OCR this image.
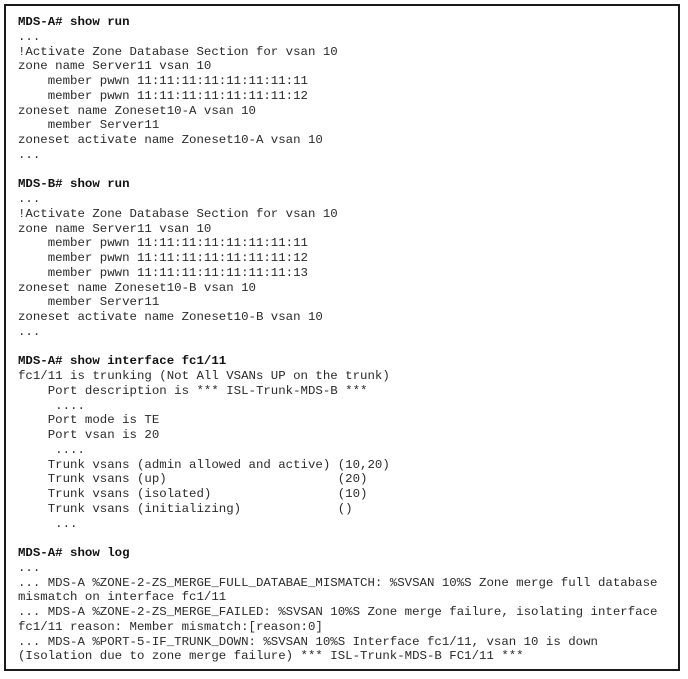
MDS-A# show run
...
!Activate Zone Database Section for vsan 10
zone name Server11 vsan 10
member pwwn 11:11:11:11:11:11:11:11
member pwwn 11:11:11:11:11:11:11:12
zoneset name Zoneset10-A vsan 10
member Server11
zoneset activate name Zoneset10-A vsan 10
...
MDS-B# show run
...
!Activate Zone Database Section for vsan 10
zone name Server11 vsan 10
member pwwn 11:11:11:11:11:11:11:11
member pwwn 11:11:11:11:11:11:11:12
member pwwn 11:11:11:11:11:11:11:13
zoneset name Zoneset10-B vsan 10
member Server11
zoneset activate name Zoneset10-B vsan 10
...
MDS-A# show interface fc1/11
fc1/11 is trunking (Not All VSANs UP on the trunk)
Port description is *** ISL-Trunk-MDS-B ***
....
Port mode is TE
Port vsan is 20
....
Trunk vsans (admin allowed and active) (10,20)
Trunk vsans (up)                       (20)
Trunk vsans (isolated)                 (10)
Trunk vsans (initializing)             ()
...
MDS-A# show log
...
... MDS-A %ZONE-2-ZS_MERGE_FULL_DATABAE_MISMATCH: %SVSAN 10%S Zone merge full database
mismatch on interface fc1/11
... MDS-A %ZONE-2-ZS_MERGE_FAILED: %SVSAN 10%S Zone merge failure, isolating interface
fc1/11 reason: Member mismatch:[reason:0]
... MDS-A %PORT-5-IF_TRUNK_DOWN: %SVSAN 10%S Interface fc1/11, vsan 10 is down
(Isolation due to zone merge failure) *** ISL-Trunk-MDS-B FC1/11 ***
